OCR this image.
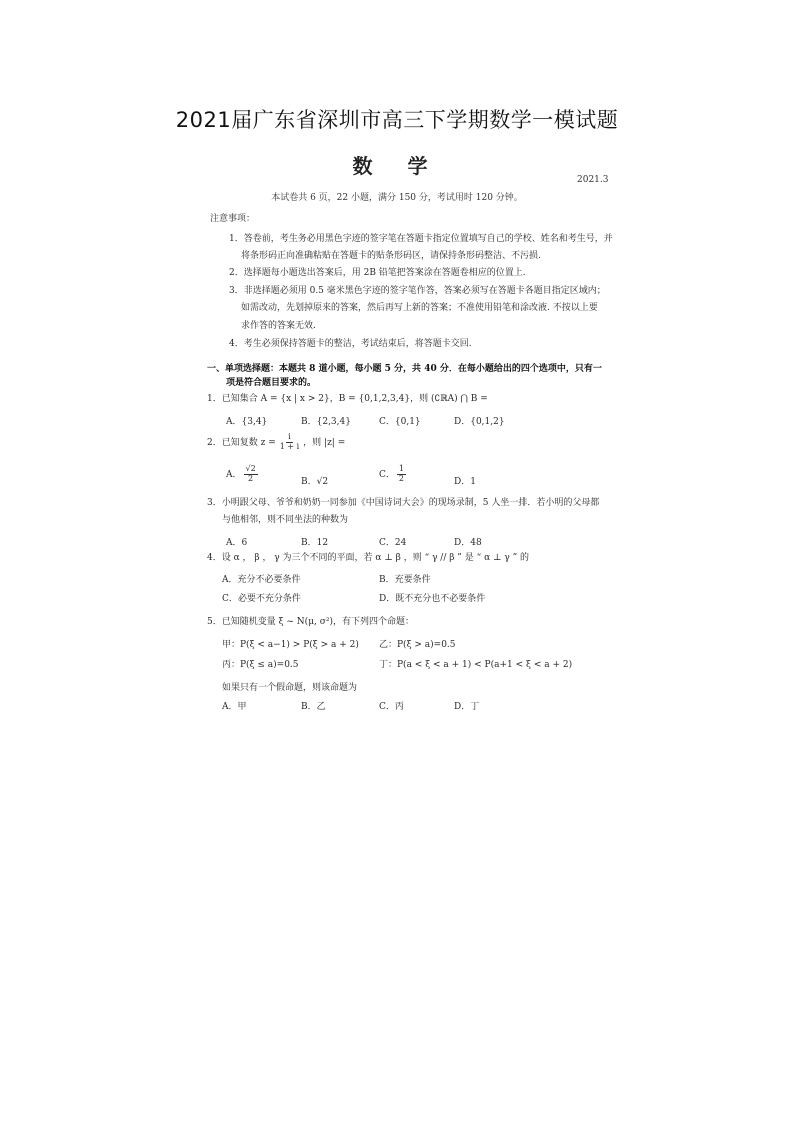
2021届广东省深圳市高三下学期数学一模试题
数 学
2021.3
本试卷共 6 页，22 小题，满分 150 分，考试用时 120 分钟。
注意事项：
1．答卷前，考生务必用黑色字迹的签字笔在答题卡指定位置填写自己的学校、姓名和考生号，并
将条形码正向准确粘贴在答题卡的贴条形码区，请保持条形码整洁、不污损.
2．选择题每小题选出答案后，用 2B 铅笔把答案涂在答题卷相应的位置上.
3．非选择题必须用 0.5 毫米黑色字迹的签字笔作答，答案必须写在答题卡各题目指定区域内；
如需改动，先划掉原来的答案，然后再写上新的答案；不准使用铅笔和涂改液. 不按以上要
求作答的答案无效.
4．考生必须保持答题卡的整洁，考试结束后，将答题卡交回.
一、单项选择题：本题共 8 道小题，每小题 5 分，共 40 分．在每小题给出的四个选项中，只有一
项是符合题目要求的。
1．已知集合 A = {x | x > 2}，B = {0,1,2,3,4}，则 (∁ℝA) ⋂ B =
A．{3,4}	B．{2,3,4}	C．{0,1}	D．{0,1,2}
2．已知复数 $z = \frac{i}{1 + i}$ ，则 |z| =
A． $\frac{√2}{2}$	B．√2
C． $\frac{1}{2}$	D．1
3．小明跟父母、爷爷和奶奶一同参加《中国诗词大会》的现场录制，5 人坐一排．若小明的父母都
与他相邻，则不同坐法的种数为
A．6	B．12	C．24	D．48
4．设 α ， β ， γ 为三个不同的平面，若 α ⊥ β ，则 “ γ // β ” 是 “ α ⊥ γ ” 的
A．充分不必要条件	B．充要条件
C．必要不充分条件	D．既不充分也不必要条件
5．已知随机变量 ξ ~ N(μ, σ²)，有下列四个命题：
甲：P(ξ < a−1) > P(ξ > a + 2) 乙：P(ξ > a)=0.5
丙：P(ξ ≤ a)=0.5	丁：P(a < ξ < a + 1) < P(a+1 < ξ < a + 2)
如果只有一个假命题，则该命题为
A．甲	B．乙	C．丙	D．丁
